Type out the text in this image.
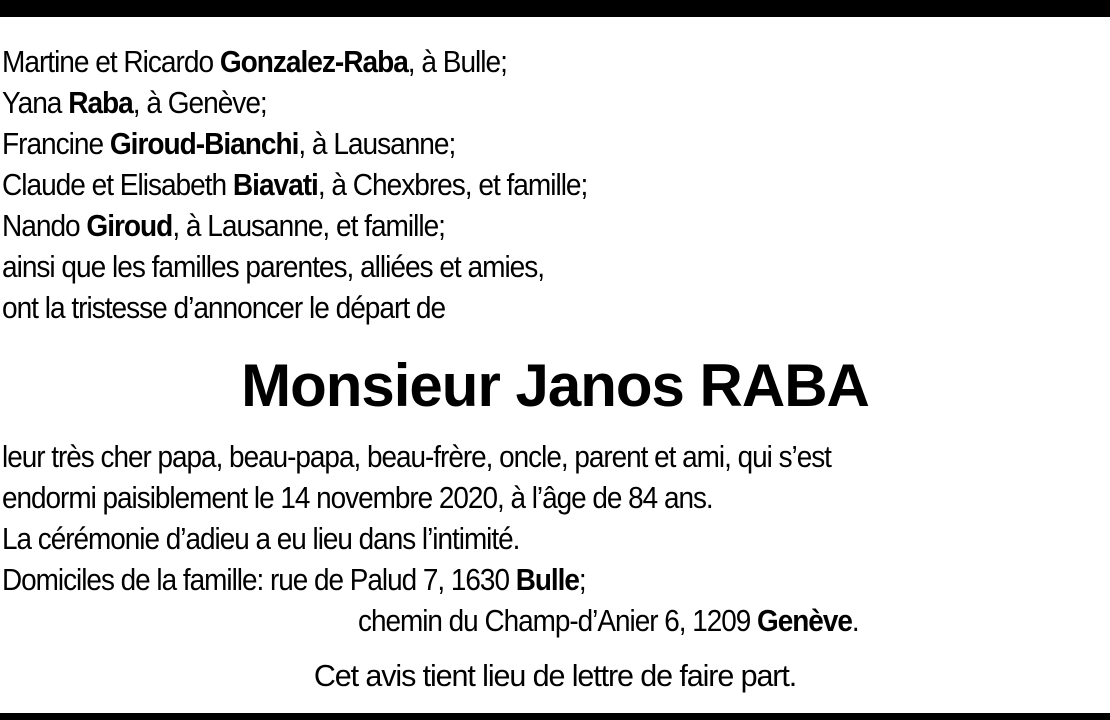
Martine et Ricardo Gonzalez-Raba, à Bulle;
Yana Raba, à Genève;
Francine Giroud-Bianchi, à Lausanne;
Claude et Elisabeth Biavati, à Chexbres, et famille;
Nando Giroud, à Lausanne, et famille;
ainsi que les familles parentes, alliées et amies,
ont la tristesse d’annoncer le départ de
Monsieur Janos RABA
leur très cher papa, beau-papa, beau-frère, oncle, parent et ami, qui s’est
endormi paisiblement le 14 novembre 2020, à l’âge de 84 ans.
La cérémonie d’adieu a eu lieu dans l’intimité.
Domiciles de la famille: rue de Palud 7, 1630 Bulle;
chemin du Champ-d’Anier 6, 1209 Genève.
Cet avis tient lieu de lettre de faire part.
